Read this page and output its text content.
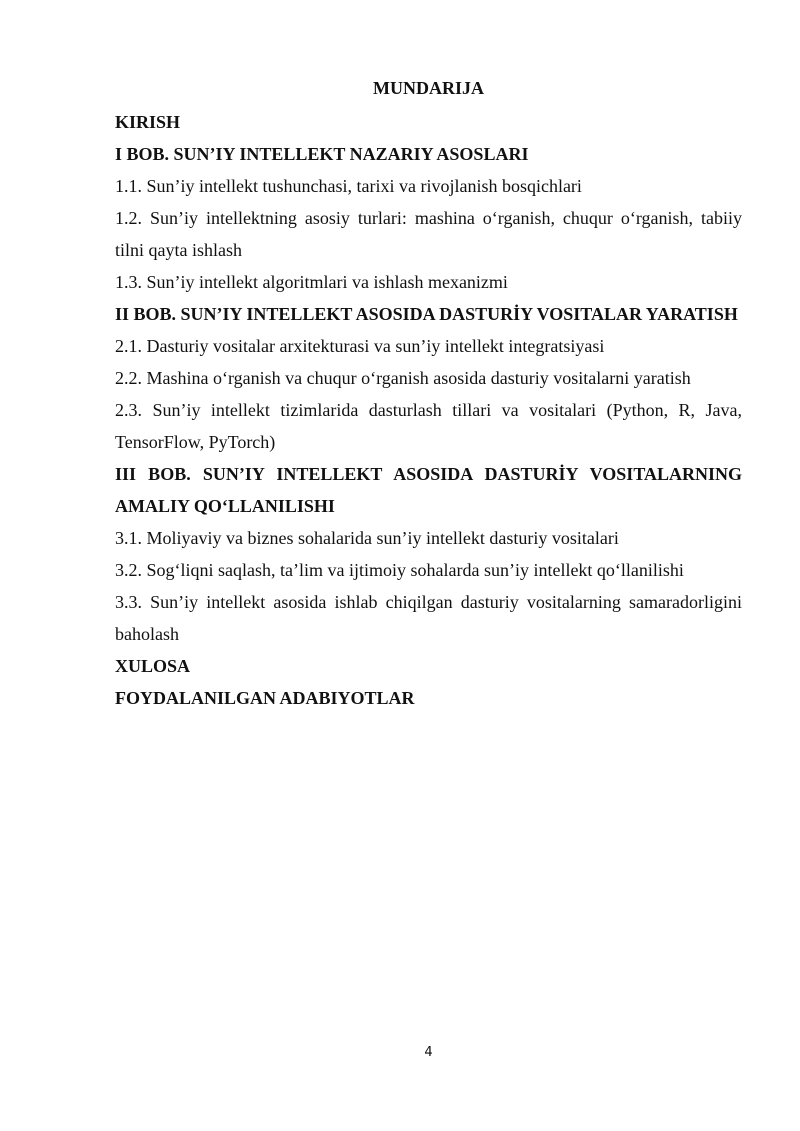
MUNDARIJA
KIRISH
I BOB. SUN’IY INTELLEKT NAZARIY ASOSLARI
1.1. Sun’iy intellekt tushunchasi, tarixi va rivojlanish bosqichlari
1.2. Sun’iy intellektning asosiy turlari: mashina o‘rganish, chuqur o‘rganish, tabiiy tilni qayta ishlash
1.3. Sun’iy intellekt algoritmlari va ishlash mexanizmi
II BOB. SUN’IY INTELLEKT ASOSIDA DASTURİY VOSITALAR YARATISH
2.1. Dasturiy vositalar arxitekturasi va sun’iy intellekt integratsiyasi
2.2. Mashina o‘rganish va chuqur o‘rganish asosida dasturiy vositalarni yaratish
2.3. Sun’iy intellekt tizimlarida dasturlash tillari va vositalari (Python, R, Java, TensorFlow, PyTorch)
III BOB. SUN’IY INTELLEKT ASOSIDA DASTURİY VOSITALARNING AMALIY QO‘LLANILISHI
3.1. Moliyaviy va biznes sohalarida sun’iy intellekt dasturiy vositalari
3.2. Sog‘liqni saqlash, ta’lim va ijtimoiy sohalarda sun’iy intellekt qo‘llanilishi
3.3. Sun’iy intellekt asosida ishlab chiqilgan dasturiy vositalarning samaradorligini baholash
XULOSA
FOYDALANILGAN ADABIYOTLAR
4
